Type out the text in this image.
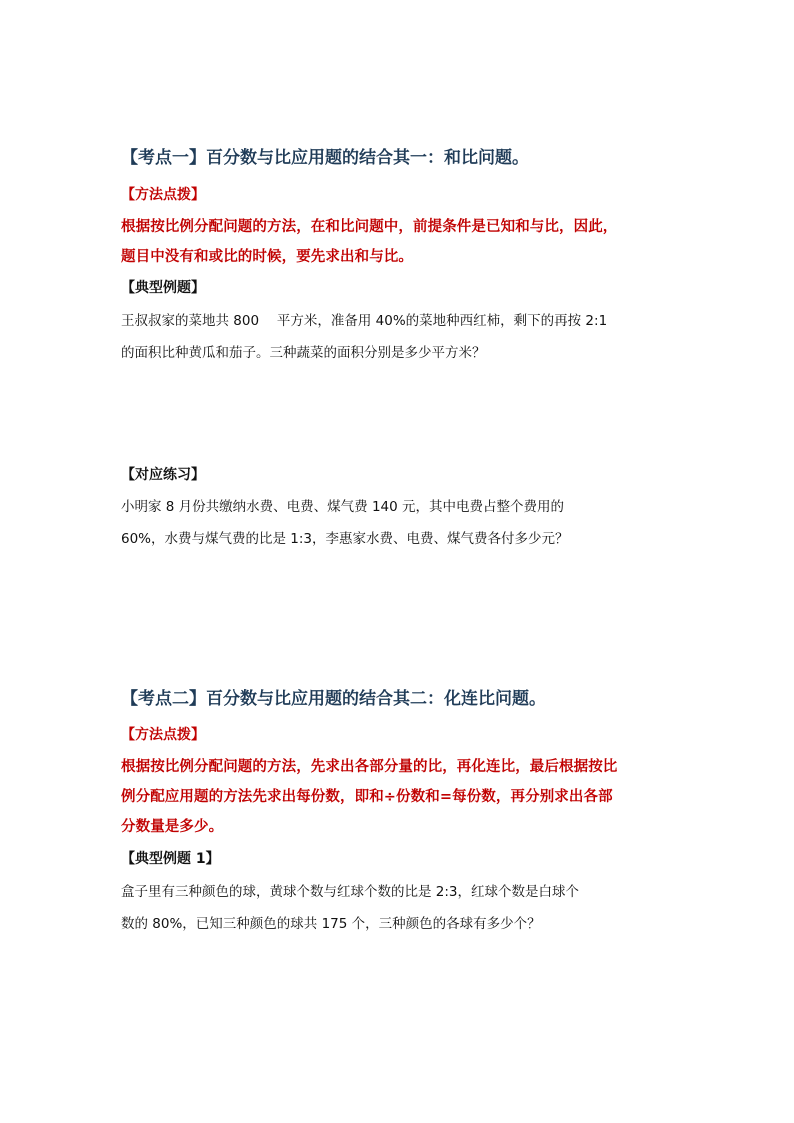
【考点一】百分数与比应用题的结合其一：和比问题。
【方法点拨】
根据按比例分配问题的方法，在和比问题中，前提条件是已知和与比，因此，
题目中没有和或比的时候，要先求出和与比。
【典型例题】
王叔叔家的菜地共 800　 平方米，准备用 40%的菜地种西红柿，剩下的再按 2:1
的面积比种黄瓜和茄子。三种蔬菜的面积分别是多少平方米？
【对应练习】
小明家 8 月份共缴纳水费、电费、煤气费 140 元，其中电费占整个费用的
60%，水费与煤气费的比是 1:3，李惠家水费、电费、煤气费各付多少元？
【考点二】百分数与比应用题的结合其二：化连比问题。
【方法点拨】
根据按比例分配问题的方法，先求出各部分量的比，再化连比，最后根据按比
例分配应用题的方法先求出每份数，即和÷份数和=每份数，再分别求出各部
分数量是多少。
【典型例题 1】
盒子里有三种颜色的球，黄球个数与红球个数的比是 2:3，红球个数是白球个
数的 80%，已知三种颜色的球共 175 个，三种颜色的各球有多少个？
